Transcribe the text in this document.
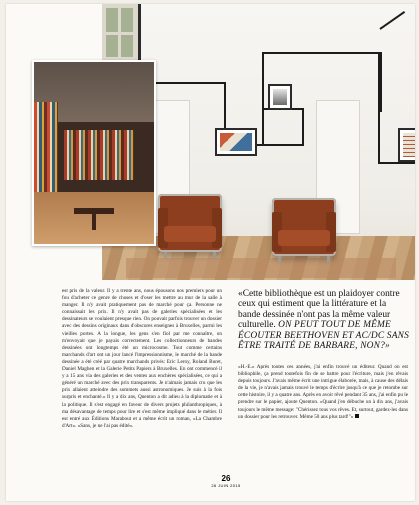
est pris de la valeur. Il y a trente ans, nous épousons nos premiers pour un fou d'acheter ce genre de choses et d'oser les mettre au mur de la salle à manger. Il n'y avait pratiquement pas de marché pour ça. Personne ne connaissait les prix. Il n'y avait pas de galeries spécialisées et les dessinateurs se voulaient presque rien. On pouvait parfois trouver un dossier avec des dessins originaux dans d'obscures enseignes à Bruxelles, parmi les vieilles portes. A la longue, les gens s'en fiol par me connaître, on m'envoyait que je payais correctement. Les collectionneurs de bandes dessinées ont longtemps été un microcosme. Tout comme certains marchands d'art ont un jour lancé l'impressionnisme, le marché de la bande dessinée a été créé par quatre marchands privés: Eric Leroy, Roland Buret, Daniel Maghen et la Galerie Petits Papiers à Bruxelles. En ont commencé il y a 15 ans via des galeries et des ventes aux enchères spécialisées, ce qui a généré un marché avec des prix transparents. Je n'aimais jamais cru que les prix allaient atteindre des sommets aussi astronomiques. Je suis à la fois surpris et enchanté.» Il y a dix ans, Quenton a dit adieu à la diplomatie et à la politique. Il s'est engagé en faveur de divers projets philanthropiques, à ma désavantage de temps pour lire et s'est même impliqué dans le métier. Il est entré aux Éditions Marabout et a même écrit un roman, «La Chambre d'Art». «Sans, je ne l'ai pas édité».
«Cette bibliothèque est un plaidoyer contre ceux qui estiment que la littérature et la bande dessinée n'ont pas la même valeur culturelle. ON PEUT TOUT DE MÊME ÉCOUTER BEETHOVEN ET AC/DC SANS ÊTRE TRAITÉ DE BARBARE, NON?»
«H.-E.» Après toutes ces années, j'ai enfin trouvé un éditeur. Quand on est bibliophile, ça prend toutefois fin de se battre pour l'écriture, mais j'en rêvais depuis toujours. J'avais même écrit une intrigue élaborée, mais, à cause des délais de la vie, je n'avais jamais trouvé le temps d'écrire jusqu'à ce que je retombe sur cette histoire, il y a quatre ans. Après en avoir rêvé pendant 35 ans, j'ai enfin pu le prendre sur le papier, ajoute Quenton. «Quand j'en débuche un à dix ans, j'avais toujours le même message: "Chérissez tous vos rêves. Et, surtout, gardez-les dans un dossier pour les retrouver. Même 50 ans plus tard!"»
26
26 JUIN 2015
